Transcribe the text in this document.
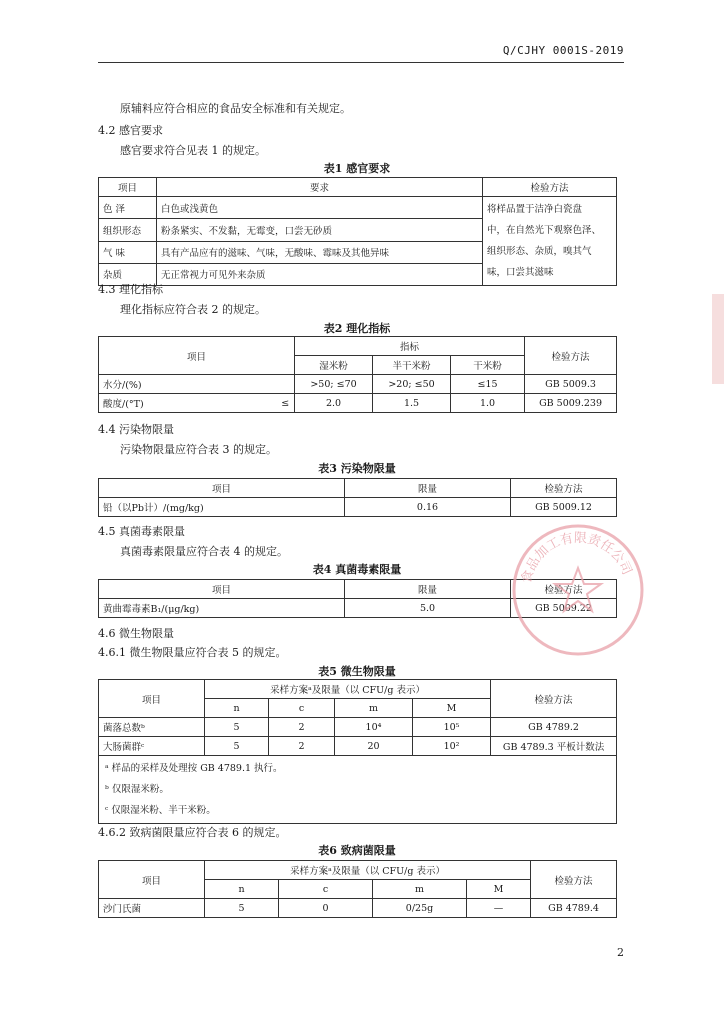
Q/CJHY 0001S-2019
原辅料应符合相应的食品安全标准和有关规定。
4.2 感官要求
感官要求符合见表 1 的规定。
表1 感官要求
项目	要求	检验方法
色 泽	白色或浅黄色	将样品置于洁净白瓷盘
中，在自然光下观察色泽、
组织形态、杂质，嗅其气
味，口尝其滋味

组织形态	粉条紧实、不发黏，无霉变，口尝无砂质	
气 味	具有产品应有的滋味、气味，无酸味、霉味及其他异味	
杂质	无正常视力可见外来杂质	
4.3 理化指标
理化指标应符合表 2 的规定。
表2 理化指标
项目		指标			检验方法
		湿米粉	半干米粉	干米粉	
水分/(%)		>50; ≤70	>20; ≤50	≤15	GB 5009.3
酸度/(°T)	≤	2.0	1.5	1.0	GB 5009.239
4.4 污染物限量
污染物限量应符合表 3 的规定。
表3 污染物限量
项目	限量	检验方法
铅（以Pb计）/(mg/kg)	0.16	GB 5009.12
4.5 真菌毒素限量
真菌毒素限量应符合表 4 的规定。
表4 真菌毒素限量
项目	限量	检验方法
黄曲霉毒素B₁/(μg/kg)	5.0	GB 5009.22
4.6 微生物限量
4.6.1 微生物限量应符合表 5 的规定。
表5 微生物限量
项目	采样方案ᵃ及限量（以 CFU/g 表示）				检验方法
	n	c	m	M	
菌落总数ᵇ	5	2	10⁴	10⁵	GB 4789.2
大肠菌群ᶜ	5	2	20	10²	GB 4789.3 平板计数法

ᵃ 样品的采样及处理按 GB 4789.1 执行。
ᵇ 仅限湿米粉。
ᶜ 仅限湿米粉、半干米粉。					
4.6.2 致病菌限量应符合表 6 的规定。
表6 致病菌限量
项目	采样方案ᵃ及限量（以 CFU/g 表示）				检验方法
	n	c	m	M	
沙门氏菌	5	0	0/25g	—	GB 4789.4
食品加工有限责任公司
2
